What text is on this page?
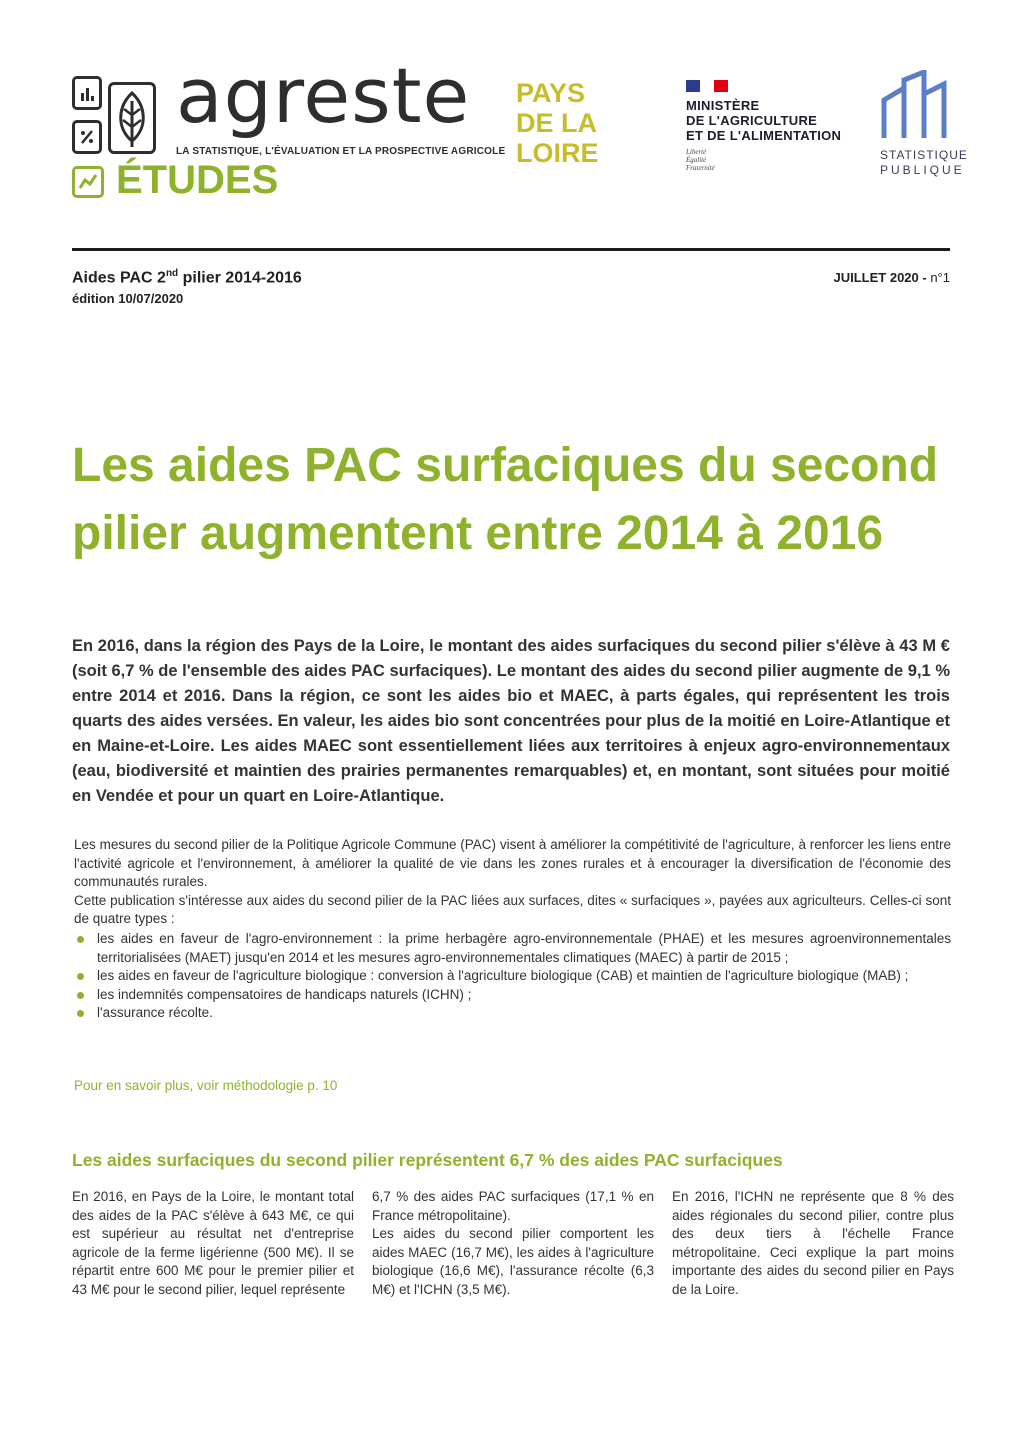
agreste
LA STATISTIQUE, L'ÉVALUATION ET LA PROSPECTIVE AGRICOLE
ÉTUDES
PAYS
DE LA
LOIRE
MINISTÈRE
DE L'AGRICULTURE
ET DE L'ALIMENTATION
Liberté
Égalité
Fraternité
STATISTIQUE
PUBLIQUE
Aides PAC 2nd pilier 2014-2016
édition 10/07/2020
JUILLET 2020 - n°1
Les aides PAC surfaciques du second
pilier augmentent entre 2014 à 2016
En 2016, dans la région des Pays de la Loire, le montant des aides surfaciques du second pilier s'élève à 43 M € (soit 6,7 % de l'ensemble des aides PAC surfaciques). Le montant des aides du second pilier augmente de 9,1 % entre 2014 et 2016. Dans la région, ce sont les aides bio et MAEC, à parts égales, qui représentent les trois quarts des aides versées. En valeur, les aides bio sont concentrées pour plus de la moitié en Loire-Atlantique et en Maine-et-Loire. Les aides MAEC sont essentiellement liées aux territoires à enjeux agro-environnementaux (eau, biodiversité et maintien des prairies permanentes remarquables) et, en montant, sont situées pour moitié en Vendée et pour un quart en Loire-Atlantique.

Les mesures du second pilier de la Politique Agricole Commune (PAC) visent à améliorer la compétitivité de l'agriculture, à renforcer les liens entre l'activité agricole et l'environnement, à améliorer la qualité de vie dans les zones rurales et à encourager la diversification de l'économie des communautés rurales.

Cette publication s'intéresse aux aides du second pilier de la PAC liées aux surfaces, dites « surfaciques », payées aux agriculteurs. Celles-ci sont de quatre types :

les aides en faveur de l'agro-environnement : la prime herbagère agro-environnementale (PHAE) et les mesures agroenvironnementales territorialisées (MAET) jusqu'en 2014 et les mesures agro-environnementales climatiques (MAEC) à partir de 2015 ;
les aides en faveur de l'agriculture biologique : conversion à l'agriculture biologique (CAB) et maintien de l'agriculture biologique (MAB) ;
les indemnités compensatoires de handicaps naturels (ICHN) ;
l'assurance récolte.
Pour en savoir plus, voir méthodologie p. 10
Les aides surfaciques du second pilier représentent 6,7 % des aides PAC surfaciques
En 2016, en Pays de la Loire, le montant total des aides de la PAC s'élève à 643 M€, ce qui est supérieur au résultat net d'entreprise agricole de la ferme ligérienne (500 M€). Il se répartit entre 600 M€ pour le premier pilier et 43 M€ pour le second pilier, lequel représente
6,7 % des aides PAC surfaciques (17,1 % en France métropolitaine).
Les aides du second pilier comportent les aides MAEC (16,7 M€), les aides à l'agriculture biologique (16,6 M€), l'assurance récolte (6,3 M€) et l'ICHN (3,5 M€).
En 2016, l'ICHN ne représente que 8 % des aides régionales du second pilier, contre plus des deux tiers à l'échelle France métropolitaine. Ceci explique la part moins importante des aides du second pilier en Pays de la Loire.
